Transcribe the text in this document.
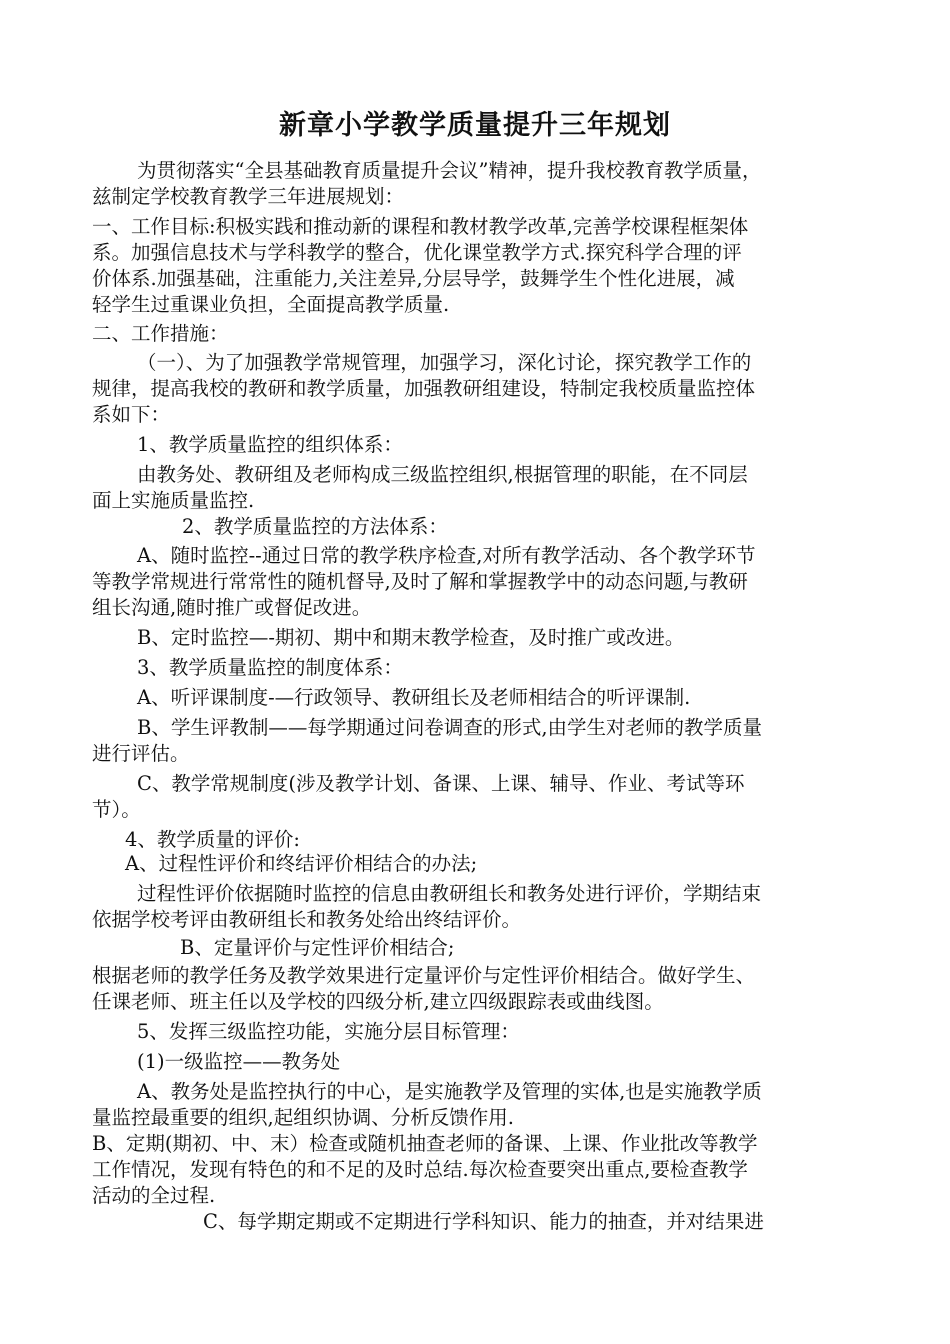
新章小学教学质量提升三年规划
为贯彻落实“全县基础教育质量提升会议”精神，提升我校教育教学质量，
兹制定学校教育教学三年进展规划：
一、工作目标:积极实践和推动新的课程和教材教学改革,完善学校课程框架体
系。加强信息技术与学科教学的整合，优化课堂教学方式.探究科学合理的评
价体系.加强基础，注重能力,关注差异,分层导学，鼓舞学生个性化进展，减
轻学生过重课业负担，全面提高教学质量.
二、工作措施：
（一）、为了加强教学常规管理，加强学习，深化讨论，探究教学工作的
规律，提高我校的教研和教学质量，加强教研组建设，特制定我校质量监控体
系如下：
1、教学质量监控的组织体系：
由教务处、教研组及老师构成三级监控组织,根据管理的职能，在不同层
面上实施质量监控.
2、教学质量监控的方法体系：
A、随时监控--通过日常的教学秩序检查,对所有教学活动、各个教学环节
等教学常规进行常常性的随机督导,及时了解和掌握教学中的动态问题,与教研
组长沟通,随时推广或督促改进。
B、定时监控—-期初、期中和期末教学检查，及时推广或改进。
3、教学质量监控的制度体系：
A、听评课制度-—行政领导、教研组长及老师相结合的听评课制.
B、学生评教制——每学期通过问卷调查的形式,由学生对老师的教学质量
进行评估。
C、教学常规制度(涉及教学计划、备课、上课、辅导、作业、考试等环
节）。
4、教学质量的评价:
A、过程性评价和终结评价相结合的办法;
过程性评价依据随时监控的信息由教研组长和教务处进行评价，学期结束
依据学校考评由教研组长和教务处给出终结评价。
B、定量评价与定性评价相结合;
根据老师的教学任务及教学效果进行定量评价与定性评价相结合。做好学生、
任课老师、班主任以及学校的四级分析,建立四级跟踪表或曲线图。
5、发挥三级监控功能，实施分层目标管理：
(1)一级监控——教务处
A、教务处是监控执行的中心，是实施教学及管理的实体,也是实施教学质
量监控最重要的组织,起组织协调、分析反馈作用.
B、定期(期初、中、末）检查或随机抽查老师的备课、上课、作业批改等教学
工作情况，发现有特色的和不足的及时总结.每次检查要突出重点,要检查教学
活动的全过程.
C、每学期定期或不定期进行学科知识、能力的抽查，并对结果进
